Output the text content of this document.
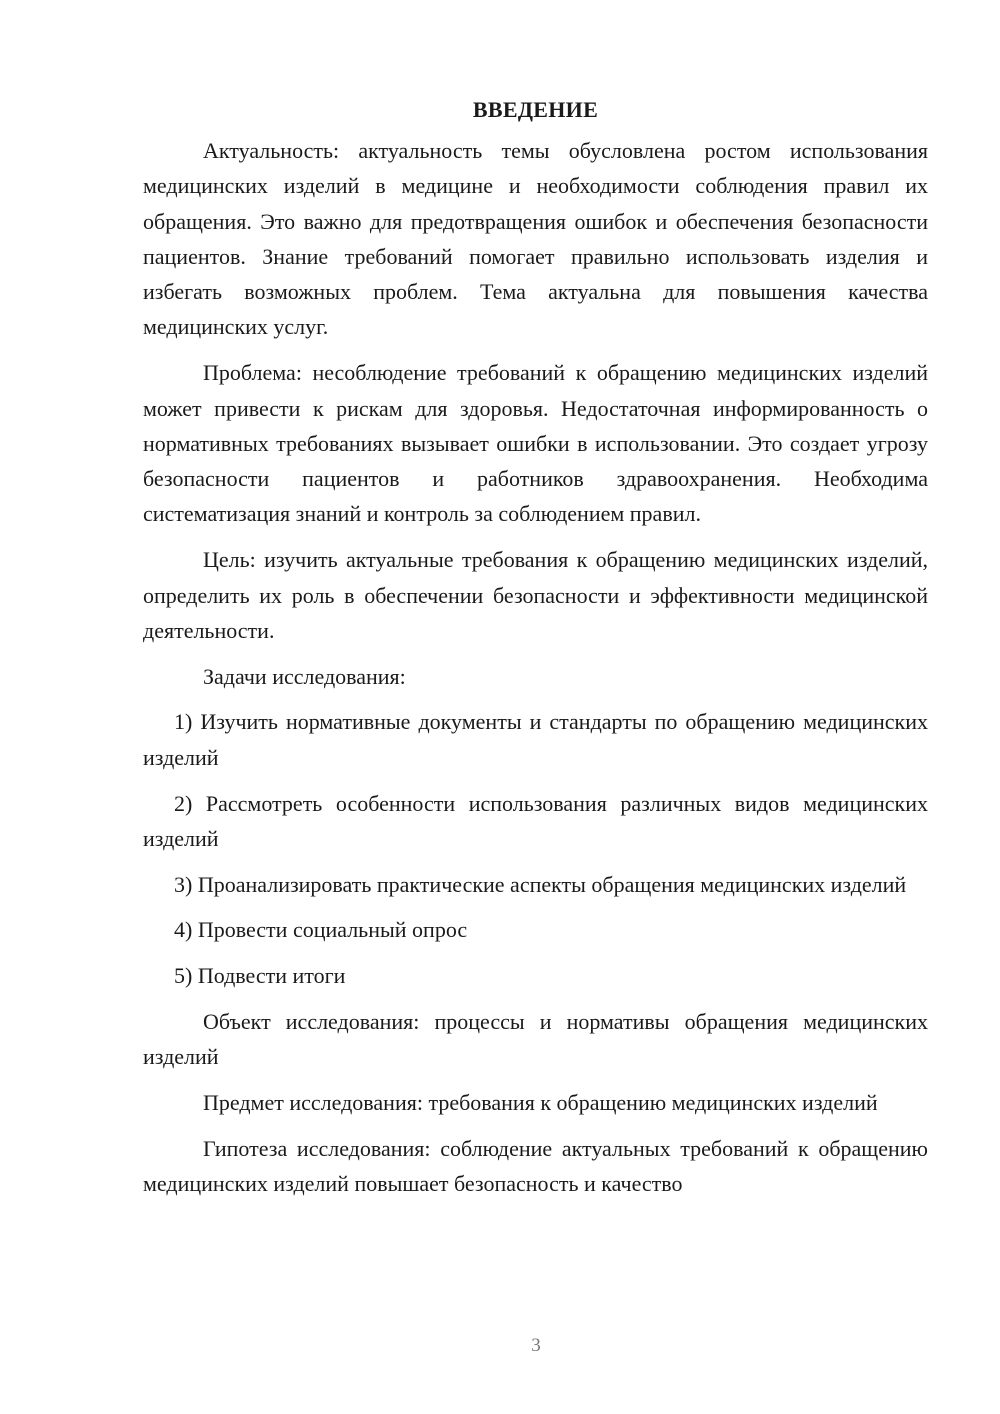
ВВЕДЕНИЕ

Актуальность: актуальность темы обусловлена ростом использования медицинских изделий в медицине и необходимости соблюдения правил их обращения. Это важно для предотвращения ошибок и обеспечения безопасности пациентов. Знание требований помогает правильно использовать изделия и избегать возможных проблем. Тема актуальна для повышения качества медицинских услуг.

Проблема: несоблюдение требований к обращению медицинских изделий может привести к рискам для здоровья. Недостаточная информированность о нормативных требованиях вызывает ошибки в использовании. Это создает угрозу безопасности пациентов и работников здравоохранения. Необходима систематизация знаний и контроль за соблюдением правил.

Цель: изучить актуальные требования к обращению медицинских изделий, определить их роль в обеспечении безопасности и эффективности медицинской деятельности.

Задачи исследования:

1) Изучить нормативные документы и стандарты по обращению медицинских изделий

2) Рассмотреть особенности использования различных видов медицинских изделий

3) Проанализировать практические аспекты обращения медицинских изделий

4) Провести социальный опрос

5) Подвести итоги

Объект исследования: процессы и нормативы обращения медицинских изделий

Предмет исследования: требования к обращению медицинских изделий

Гипотеза исследования: соблюдение актуальных требований к обращению медицинских изделий повышает безопасность и качество

3
